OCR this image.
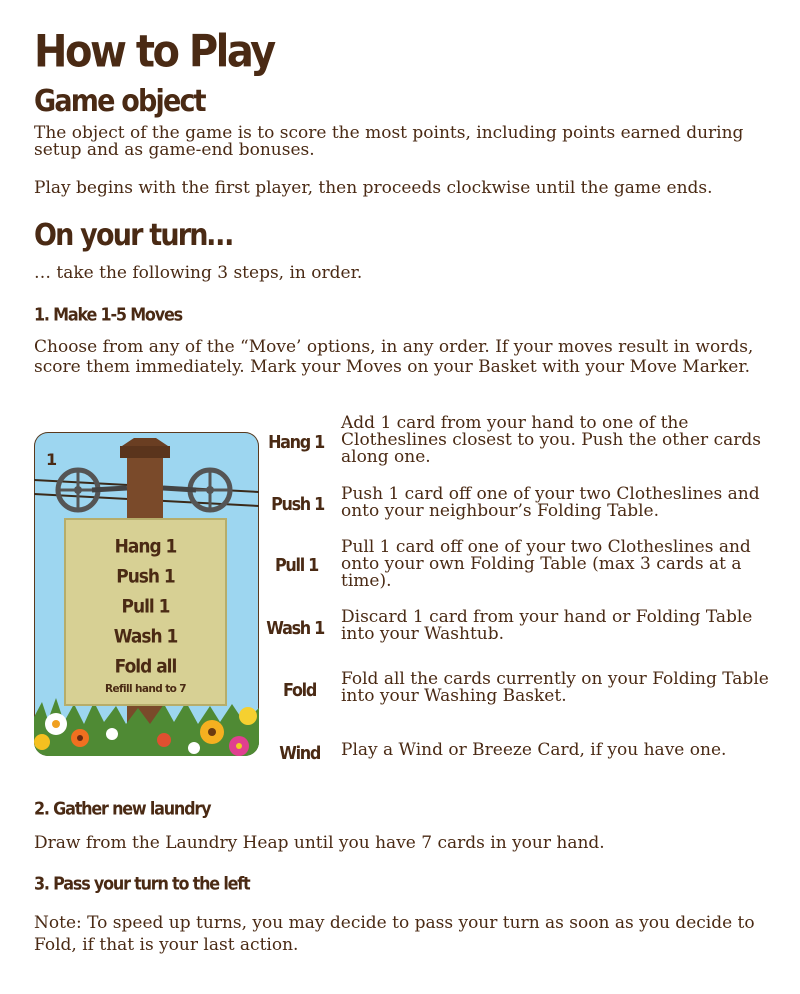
How to Play
Game object

The object of the game is to score the most points, including points earned during setup and as game-end bonuses.

Play begins with the first player, then proceeds clockwise until the game ends.

On your turn…

… take the following 3 steps, in order.

1. Make 1-5 Moves

Choose from any of the “Move’ options, in any order. If your moves result in words, score them immediately. Mark your Moves on your Basket with your Move Marker.

1
Hang 1
Push 1
Pull 1
Wash 1
Fold all
Refill hand to 7
Hang 1

Add 1 card from your hand to one of the Clotheslines closest to you. Push the other cards along one.

Push 1 Push 1 card off one of your two Clotheslines and onto your neighbour’s Folding Table.

Pull 1

Pull 1 card off one of your two Clotheslines and onto your own Folding Table (max 3 cards at a time).

Wash 1 Discard 1 card from your hand or Folding Table into your Washtub.

Fold Fold all the cards currently on your Folding Table into your Washing Basket.

Wind Play a Wind or Breeze Card, if you have one.

2. Gather new laundry

Draw from the Laundry Heap until you have 7 cards in your hand.

3. Pass your turn to the left

Note: To speed up turns, you may decide to pass your turn as soon as you decide to Fold, if that is your last action.
